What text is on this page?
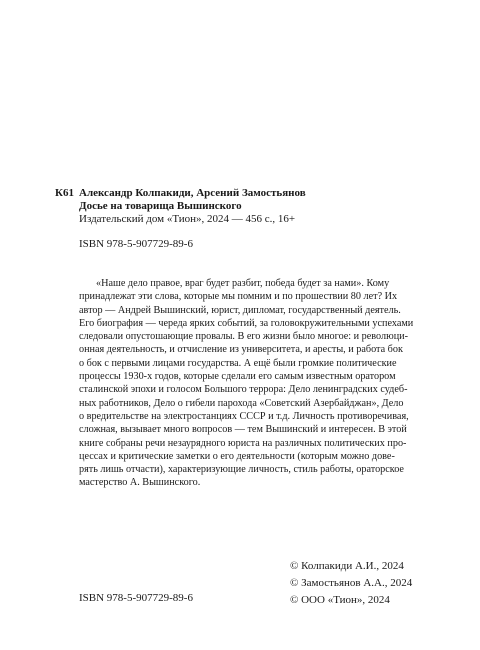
К61 Александр Колпакиди, Арсений Замостьянов
Досье на товарища Вышинского
Издательский дом «Тион», 2024 — 456 с., 16+
ISBN 978-5-907729-89-6
«Наше дело правое, враг будет разбит, победа будет за нами». Кому
принадлежат эти слова, которые мы помним и по прошествии 80 лет? Их
автор — Андрей Вышинский, юрист, дипломат, государственный деятель.
Его биография — череда ярких событий, за головокружительными успехами
следовали опустошающие провалы. В его жизни было многое: и революци-
онная деятельность, и отчисление из университета, и аресты, и работа бок
о бок с первыми лицами государства. А ещё были громкие политические
процессы 1930-х годов, которые сделали его самым известным оратором
сталинской эпохи и голосом Большого террора: Дело ленинградских судеб-
ных работников, Дело о гибели парохода «Советский Азербайджан», Дело
о вредительстве на электростанциях СССР и т.д. Личность противоречивая,
сложная, вызывает много вопросов — тем Вышинский и интересен. В этой
книге собраны речи незаурядного юриста на различных политических про-
цессах и критические заметки о его деятельности (которым можно дове-
рять лишь отчасти), характеризующие личность, стиль работы, ораторское
мастерство А. Вышинского.
© Колпакиди А.И., 2024
© Замостьянов А.А., 2024
© ООО «Тион», 2024
ISBN 978-5-907729-89-6
